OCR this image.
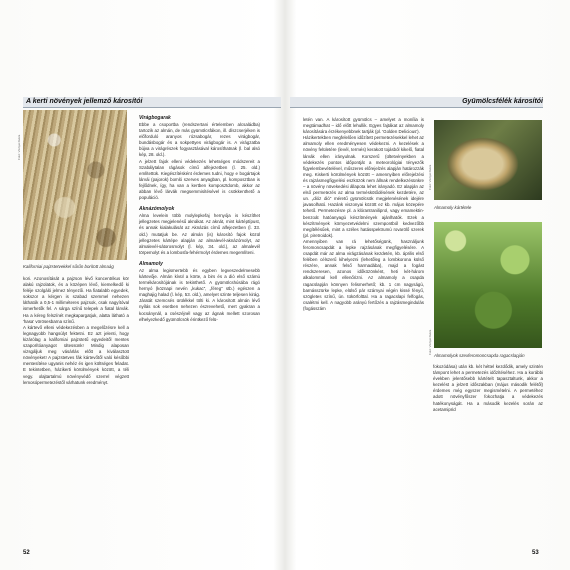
A kerti növények jellemző károsítói	Gyümölcsfélék károsítói
Fotó: Visnyei Géza
Kaliforniai pajzstetvekkel sűrűn borított almaág
Fotó: Visnyei Géza
Almamoly kártétele
Fotó: Visnyei Géza
Almamolyok szexferomoncsapda ragacslapján

kori. Azonosítását a pajzson lévő koncentrikus kör alakú rajzolatok, és a középen lévő, kiemelkedő ki feléje szolgáló jelmez tényezői. Ha fiatalabb egyedek, sokszor a kérgen is szabad szemmel nehezen láthatók a 0,5-1 milliméteres pajzsok, csak nagyítóval ismerhetők fel. A sárga színű telepek a fiatal lárvák. Ha a kéreg felszínét megkapargatjuk, alatta látható a 'hasa' vörösesbarna színű.

A kártevő elleni védekezésben a megelőzésre kell a legnagyobb hangsúlyt fektetni. Ez azt jelenti, hogy kizárólag a kaliforniai pajzstetű egyedeitől mentes szaporítóanyagot ültessünk! Mindig alaposan vizsgáljuk meg vásárlás előtt a kiválasztott növényeket! A pajzstetves fák kártevőtől való későbbi mentesítése ugyanis nehéz és igen költséges feladat. E tekintetben, házikerti körülmények között, a téli vegy. olajtartalmú növényvédő szerrel végzett lemosópermetezéstől várhatunk eredményt.

Virágbogarak

Ebbe a csoportba (rendszertani értelemben alcsaládba) tartozik az almán, de más gyümölcsfákon, ill. díszcserjéken is előforduló aranyos rózsabogár, rezes virágbogár, bundásbogár és a sokpettyes virágbogár is. A virágzatba bújva a virágrészek fogyasztásával károsíthatnak (l. bal alsó kép, 28. old.).

A jelzett fajok elleni védekezés lehetséges módszereit a Szabálytalan rágások című alfejezetben (l. 25. old.) említettük. Kiegészítésként érdemes tudni, hogy e bogártajok lárvái (pajorok) bomló szerves anyagban, pl. komposztban is fejlődnek, így, ha van a kertben komposztdomb, akkor az abban lévő lárvák megsemmisítésével is csökkenthető a populáció.

Aknázómolyok

Alma levelein több molylepkefaj hernyója is készíthet jellegzetes megjelenésű aknákat. Az aknát, mint kártéptípust, és annak kialakulását az Aknázás című alfejezetben (l. 33. old.) mutatjuk be. Az almán (is) károsító fajok közül jellegzetes kártépe alapján az almalevél-aknázómolyt, az almalevél-sátorosmolyt (l. kép, 34. old.), az almalevél törpemolyt és a lombosfa-fehérmolyt érdemes megemlíteni.

Almamoly

Az alma legismertebb és egyben legveszedelmesebb kártevője. Almán kívül a körte, a birs és a dió első számú termékárosítójának is tekinthető. A gyümölcshúsába rágó hernyó (köznapi nevén „kukac”, „féreg” stb.) egészen a maghajig halad (l. kép, 53. old.), amelyet szinte teljesen kirág. Járatát szemcsés ürülékkel tölti ki. A károsított almán lévő nyílás sok esetben nehezen észrevehető, mert gyakran a kocsánynál, a csészéjnél vagy az ágnak mellett szorosan elhelyezkedő gyümölcsök érintkező felü-

letén van. A károsított gyümölcs – amelyet a monília is megtámadhat – idő előtt lehullik. Egyes fajtákat az almamoly károsítására érzékenyebbnek tartják (pl. 'Golden Delicious').

Házikertekben megfelelően időzített permetezésekkel lehet az almamoly ellen eredményesen védekezni. A kezelések a növény felületére (levél, termés) kerakott tojásból kikelő, fiatal lárvák ellen irányulnak. Korszerű (ültetvényekben a védekezés pontos időpontját a meteorológiai tényezők figyelembevételével, műszeres előrejelzés alapján határozzák meg. Kiskerti körülmények között – amennyiben előrejelzési és rajzásmegfigyelési eszközök nem állnak rendelkezésünkre – a növény növekedési állapota lehet irányadó. Ez alapján az első permetezés az alma terméskötődésének kezdetére, az un. „dióz dió” méretű gyümölcsök megjelenésének idejére javasolható. Hazánk viszonyai között ez kb. május közepére tehető. Permetezésre pl. a klórantraniliprol, vagy emamektin-benzoát hatóanyagú készítmények ajánlhatók. Ezek a készítmények környezetvédelmi szempontból kedvezőbb megítélésűek, mint a széles hatásspektrumú rovarölő szerek (pl. piretroidok).

Amennyiben van rá lehetőségünk, használjunk feromoncsapdát a lepke rajzásának megfigyelésére. A csapdát már az alma virágzásának kezdetén, kb. április első felében célszerű kihelyezni (lehetőleg a lombkorona külső részére, annak felső harmadába), majd a fogást rendszeresen, azonos időközönként, heti két-három alkalommal kell ellenőrizni. Az almamoly a csapda ragacslapján könnyen felismerhető; kb. 1 cm nagyságú, barnásszürke lepke, elülső pár szárnyai végén kissé fényű, szögletes színű, ún. tükörfolttal. Ha a ragacslapi felfogás, csalétmi kell. A nagyobb arányú fertőzés a rajzásmegindulás (fogásszám

fokozódása) után kb. két héttel kezdődik, amely szintén támpont lehet a permetezés időzítéséhez. Ha a korábbi években jelentősebb kártételt tapasztaltunk, akkor a kezelést a jelzett időszakban (május második felétől) érdemes még egyszer megismételni. A permetéhez adott növényfőszer fokozhatja a védekezés hatékonyságát. Ha a második kezelés során az acetamiprid

52	53
